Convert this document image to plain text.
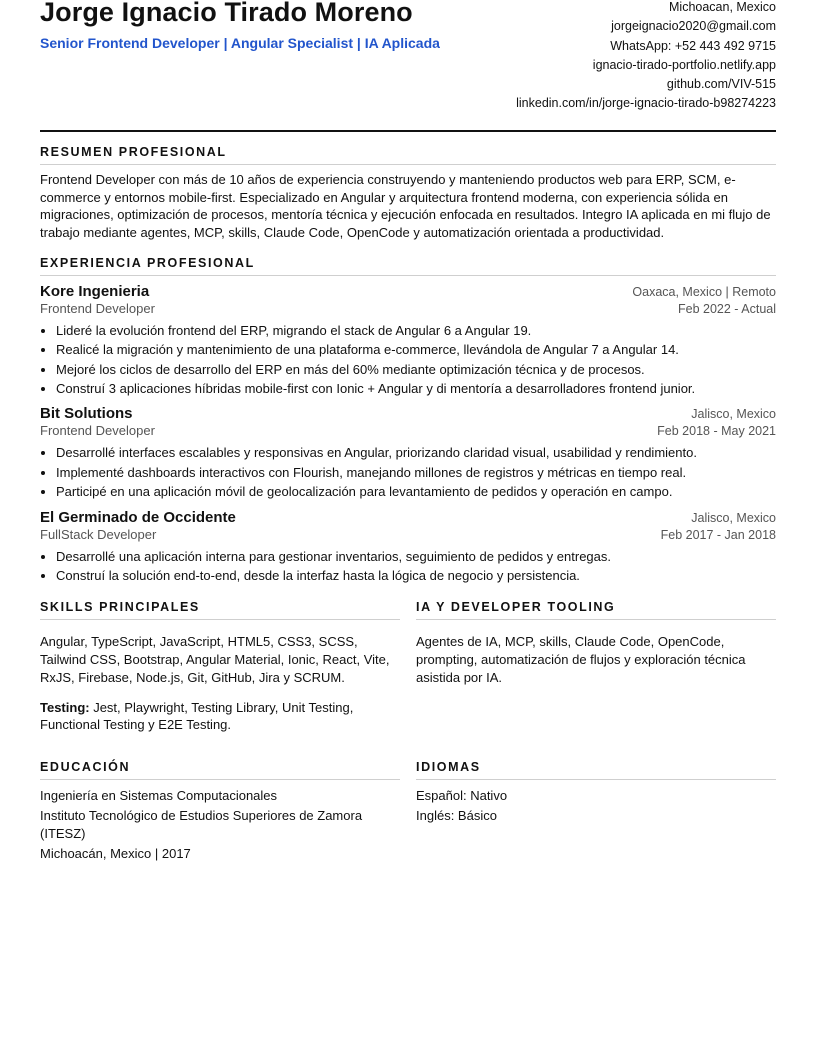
Jorge Ignacio Tirado Moreno
Senior Frontend Developer | Angular Specialist | IA Aplicada
Michoacan, Mexico
jorgeignacio2020@gmail.com
WhatsApp: +52 443 492 9715
ignacio-tirado-portfolio.netlify.app
github.com/VIV-515
linkedin.com/in/jorge-ignacio-tirado-b98274223
RESUMEN PROFESIONAL

Frontend Developer con más de 10 años de experiencia construyendo y manteniendo productos web para ERP, SCM, e-commerce y entornos mobile-first. Especializado en Angular y arquitectura frontend moderna, con experiencia sólida en migraciones, optimización de procesos, mentoría técnica y ejecución enfocada en resultados. Integro IA aplicada en mi flujo de trabajo mediante agentes, MCP, skills, Claude Code, OpenCode y automatización orientada a productividad.

EXPERIENCIA PROFESIONAL
Kore Ingenieria	Oaxaca, Mexico | Remoto
Frontend Developer	Feb 2022 - Actual
• Lideré la evolución frontend del ERP, migrando el stack de Angular 6 a Angular 19.
• Realicé la migración y mantenimiento de una plataforma e-commerce, llevándola de Angular 7 a Angular 14.
• Mejoré los ciclos de desarrollo del ERP en más del 60% mediante optimización técnica y de procesos.
• Construí 3 aplicaciones híbridas mobile-first con Ionic + Angular y di mentoría a desarrolladores frontend junior.
Bit Solutions	Jalisco, Mexico
Frontend Developer	Feb 2018 - May 2021
• Desarrollé interfaces escalables y responsivas en Angular, priorizando claridad visual, usabilidad y rendimiento.
• Implementé dashboards interactivos con Flourish, manejando millones de registros y métricas en tiempo real.
• Participé en una aplicación móvil de geolocalización para levantamiento de pedidos y operación en campo.
El Germinado de Occidente	Jalisco, Mexico
FullStack Developer	Feb 2017 - Jan 2018
• Desarrollé una aplicación interna para gestionar inventarios, seguimiento de pedidos y entregas.
• Construí la solución end-to-end, desde la interfaz hasta la lógica de negocio y persistencia.
SKILLS PRINCIPALES

Angular, TypeScript, JavaScript, HTML5, CSS3, SCSS, Tailwind CSS, Bootstrap, Angular Material, Ionic, React, Vite, RxJS, Firebase, Node.js, Git, GitHub, Jira y SCRUM.

Testing: Jest, Playwright, Testing Library, Unit Testing, Functional Testing y E2E Testing.

IA Y DEVELOPER TOOLING

Agentes de IA, MCP, skills, Claude Code, OpenCode, prompting, automatización de flujos y exploración técnica asistida por IA.

EDUCACIÓN

Ingeniería en Sistemas Computacionales

Instituto Tecnológico de Estudios Superiores de Zamora (ITESZ)

Michoacán, Mexico | 2017

IDIOMAS

Español: Nativo

Inglés: Básico
